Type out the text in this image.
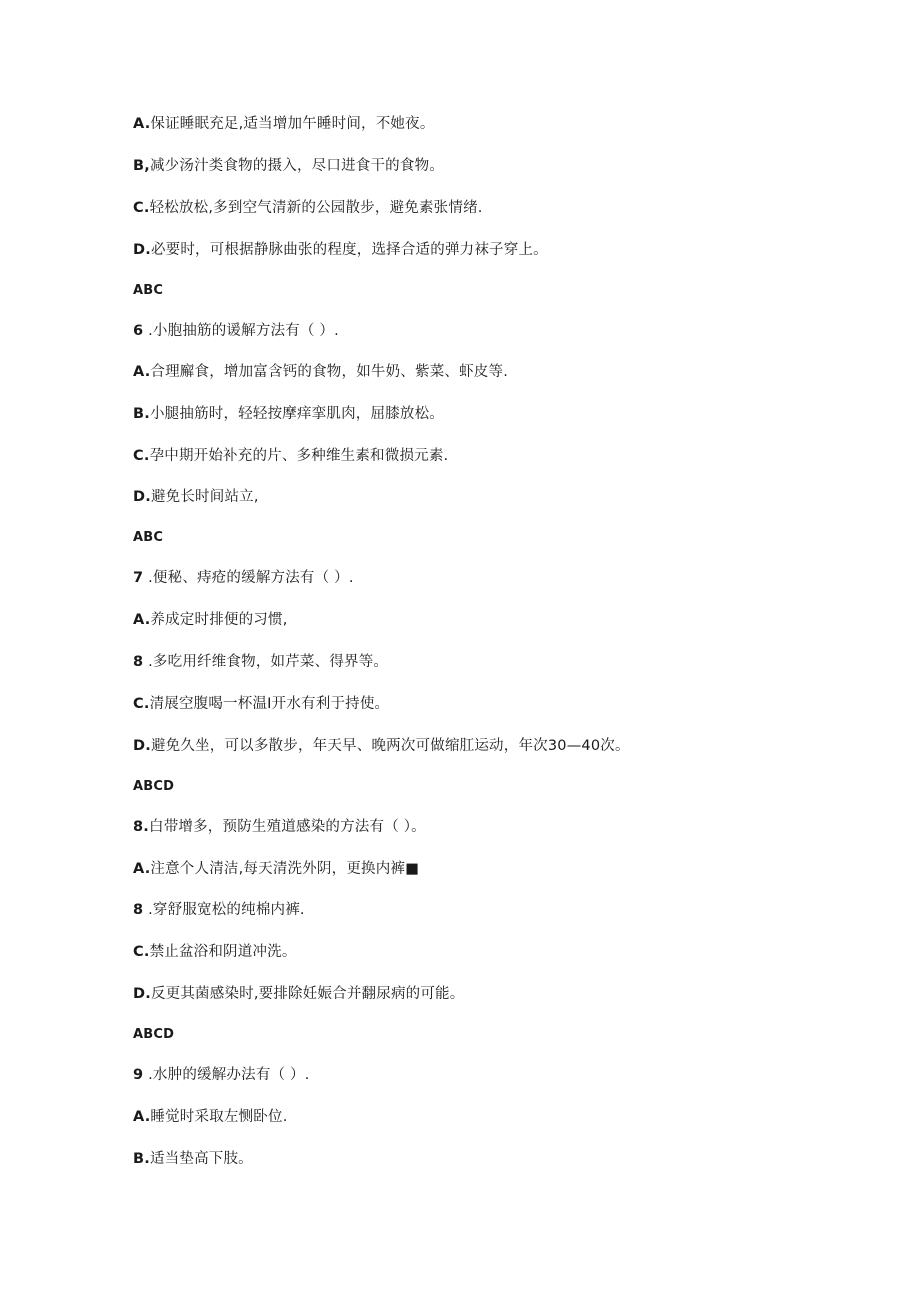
A.保证睡眠充足,适当增加午睡时间，不她夜。
B,减少汤汁类食物的摄入，尽口进食干的食物。
C.轻松放松,多到空气清新的公园散步，避免素张情绪.
D.必要时，可根据静脉曲张的程度，选择合适的弹力袜子穿上。
ABC
6 .小胞抽筋的谖解方法有（ ）.
A.合理廨食，增加富含钙的食物，如牛奶、紫菜、虾皮等.
B.小腿抽筋时，轻轻按摩痒挛肌肉，屈膝放松。
C.孕中期开始补充的片、多种维生素和微损元素.
D.避免长时间站立,
ABC
7 .便秘、痔疮的缓解方法有（ ）.
A.养成定时排便的习惯,
8 .多吃用纤维食物，如芹菜、得界等。
C.清展空腹喝一杯温I开水有利于持使。
D.避免久坐，可以多散步，年天早、晚两次可做缩肛运动，年次30—40次。
ABCD
8.白带增多，预防生殖道感染的方法有（ ）。
A.注意个人清洁,每天清洗外阴，更换内裤■
8 .穿舒服宽松的纯棉内裤.
C.禁止盆浴和阴道冲洗。
D.反更其菌感染时,要排除妊娠合并翻尿病的可能。
ABCD
9 .水肿的缓解办法有（ ）.
A.睡觉时采取左恻卧位.
B.适当垫高下肢。
